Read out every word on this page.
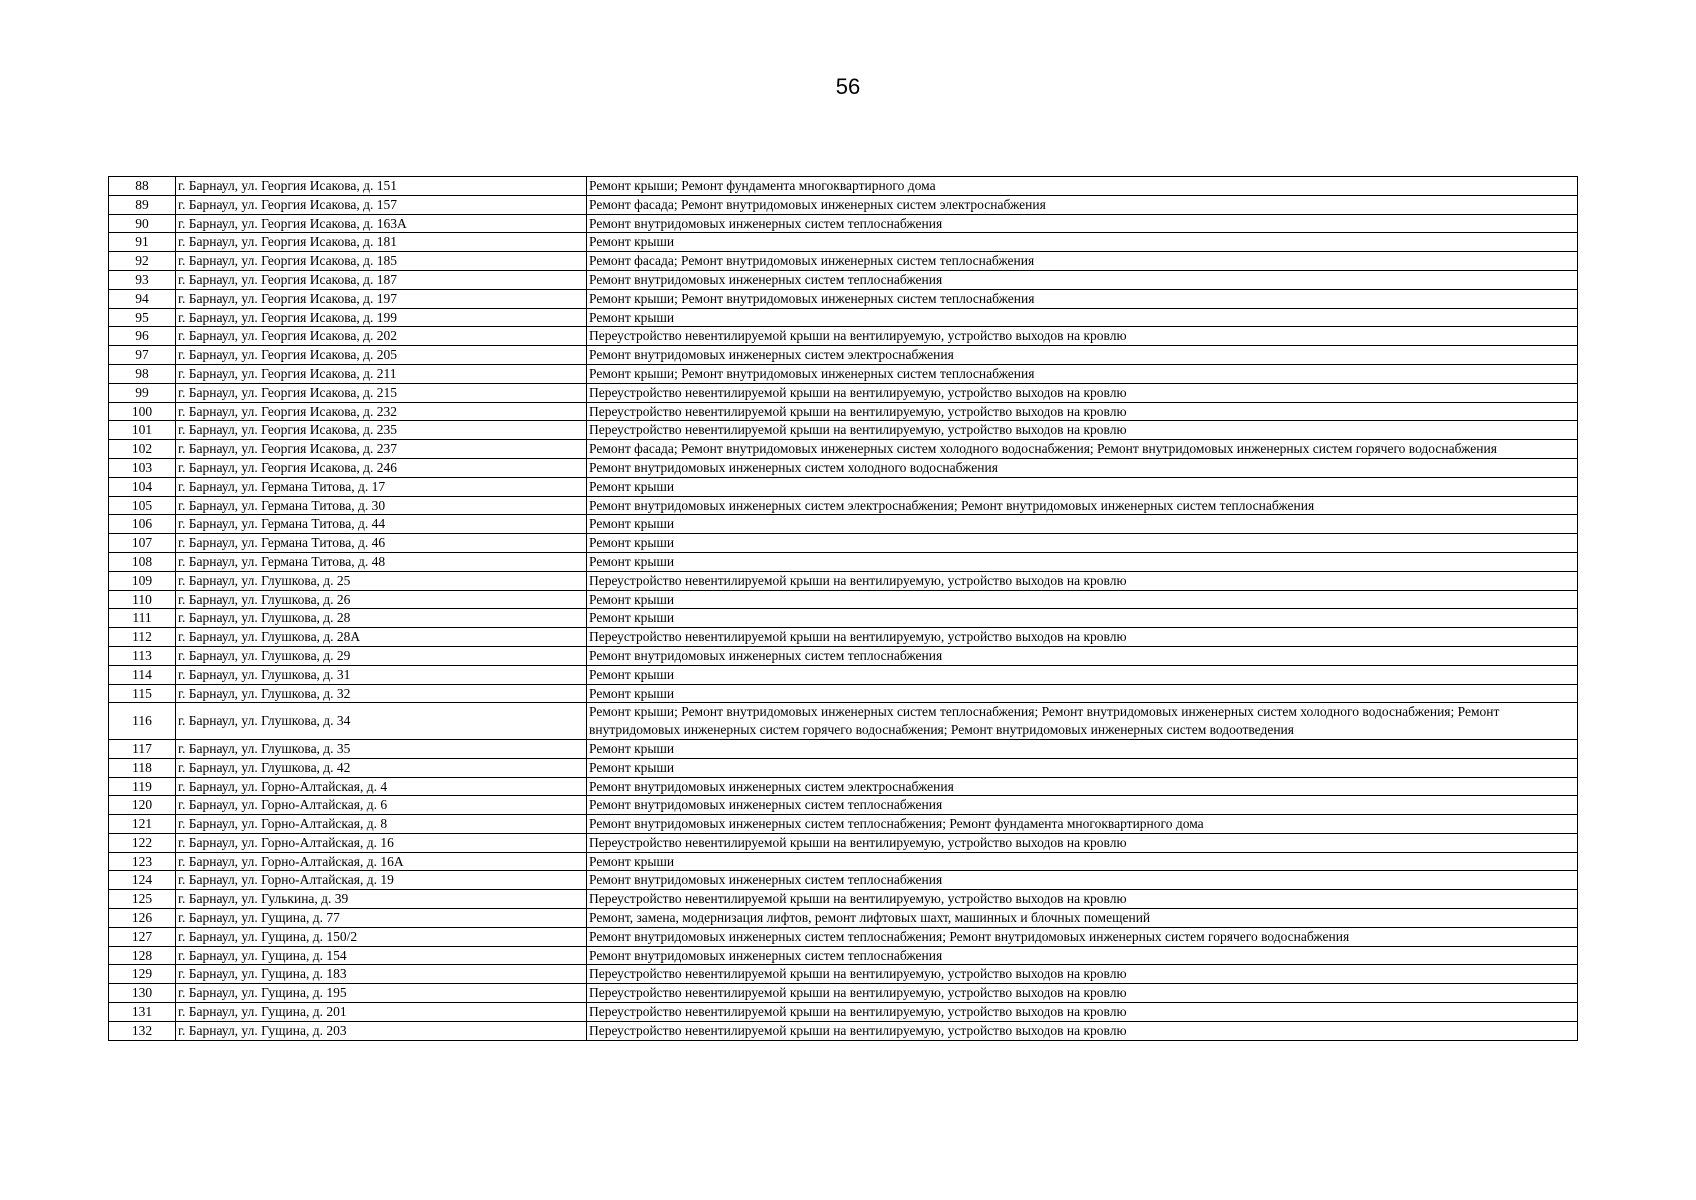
56
88	г. Барнаул, ул. Георгия Исакова, д. 151	Ремонт крыши; Ремонт фундамента многоквартирного дома
89	г. Барнаул, ул. Георгия Исакова, д. 157	Ремонт фасада; Ремонт внутридомовых инженерных систем электроснабжения
90	г. Барнаул, ул. Георгия Исакова, д. 163А	Ремонт внутридомовых инженерных систем теплоснабжения
91	г. Барнаул, ул. Георгия Исакова, д. 181	Ремонт крыши
92	г. Барнаул, ул. Георгия Исакова, д. 185	Ремонт фасада; Ремонт внутридомовых инженерных систем теплоснабжения
93	г. Барнаул, ул. Георгия Исакова, д. 187	Ремонт внутридомовых инженерных систем теплоснабжения
94	г. Барнаул, ул. Георгия Исакова, д. 197	Ремонт крыши; Ремонт внутридомовых инженерных систем теплоснабжения
95	г. Барнаул, ул. Георгия Исакова, д. 199	Ремонт крыши
96	г. Барнаул, ул. Георгия Исакова, д. 202	Переустройство невентилируемой крыши на вентилируемую, устройство выходов на кровлю
97	г. Барнаул, ул. Георгия Исакова, д. 205	Ремонт внутридомовых инженерных систем электроснабжения
98	г. Барнаул, ул. Георгия Исакова, д. 211	Ремонт крыши; Ремонт внутридомовых инженерных систем теплоснабжения
99	г. Барнаул, ул. Георгия Исакова, д. 215	Переустройство невентилируемой крыши на вентилируемую, устройство выходов на кровлю
100	г. Барнаул, ул. Георгия Исакова, д. 232	Переустройство невентилируемой крыши на вентилируемую, устройство выходов на кровлю
101	г. Барнаул, ул. Георгия Исакова, д. 235	Переустройство невентилируемой крыши на вентилируемую, устройство выходов на кровлю
102	г. Барнаул, ул. Георгия Исакова, д. 237	Ремонт фасада; Ремонт внутридомовых инженерных систем холодного водоснабжения; Ремонт внутридомовых инженерных систем горячего водоснабжения
103	г. Барнаул, ул. Георгия Исакова, д. 246	Ремонт внутридомовых инженерных систем холодного водоснабжения
104	г. Барнаул, ул. Германа Титова, д. 17	Ремонт крыши
105	г. Барнаул, ул. Германа Титова, д. 30	Ремонт внутридомовых инженерных систем электроснабжения; Ремонт внутридомовых инженерных систем теплоснабжения
106	г. Барнаул, ул. Германа Титова, д. 44	Ремонт крыши
107	г. Барнаул, ул. Германа Титова, д. 46	Ремонт крыши
108	г. Барнаул, ул. Германа Титова, д. 48	Ремонт крыши
109	г. Барнаул, ул. Глушкова, д. 25	Переустройство невентилируемой крыши на вентилируемую, устройство выходов на кровлю
110	г. Барнаул, ул. Глушкова, д. 26	Ремонт крыши
111	г. Барнаул, ул. Глушкова, д. 28	Ремонт крыши
112	г. Барнаул, ул. Глушкова, д. 28А	Переустройство невентилируемой крыши на вентилируемую, устройство выходов на кровлю
113	г. Барнаул, ул. Глушкова, д. 29	Ремонт внутридомовых инженерных систем теплоснабжения
114	г. Барнаул, ул. Глушкова, д. 31	Ремонт крыши
115	г. Барнаул, ул. Глушкова, д. 32	Ремонт крыши
116	г. Барнаул, ул. Глушкова, д. 34	Ремонт крыши; Ремонт внутридомовых инженерных систем теплоснабжения; Ремонт внутридомовых инженерных систем холодного водоснабжения; Ремонт внутридомовых инженерных систем горячего водоснабжения; Ремонт внутридомовых инженерных систем водоотведения
117	г. Барнаул, ул. Глушкова, д. 35	Ремонт крыши
118	г. Барнаул, ул. Глушкова, д. 42	Ремонт крыши
119	г. Барнаул, ул. Горно-Алтайская, д. 4	Ремонт внутридомовых инженерных систем электроснабжения
120	г. Барнаул, ул. Горно-Алтайская, д. 6	Ремонт внутридомовых инженерных систем теплоснабжения
121	г. Барнаул, ул. Горно-Алтайская, д. 8	Ремонт внутридомовых инженерных систем теплоснабжения; Ремонт фундамента многоквартирного дома
122	г. Барнаул, ул. Горно-Алтайская, д. 16	Переустройство невентилируемой крыши на вентилируемую, устройство выходов на кровлю
123	г. Барнаул, ул. Горно-Алтайская, д. 16А	Ремонт крыши
124	г. Барнаул, ул. Горно-Алтайская, д. 19	Ремонт внутридомовых инженерных систем теплоснабжения
125	г. Барнаул, ул. Гулькина, д. 39	Переустройство невентилируемой крыши на вентилируемую, устройство выходов на кровлю
126	г. Барнаул, ул. Гущина, д. 77	Ремонт, замена, модернизация лифтов, ремонт лифтовых шахт, машинных и блочных помещений
127	г. Барнаул, ул. Гущина, д. 150/2	Ремонт внутридомовых инженерных систем теплоснабжения; Ремонт внутридомовых инженерных систем горячего водоснабжения
128	г. Барнаул, ул. Гущина, д. 154	Ремонт внутридомовых инженерных систем теплоснабжения
129	г. Барнаул, ул. Гущина, д. 183	Переустройство невентилируемой крыши на вентилируемую, устройство выходов на кровлю
130	г. Барнаул, ул. Гущина, д. 195	Переустройство невентилируемой крыши на вентилируемую, устройство выходов на кровлю
131	г. Барнаул, ул. Гущина, д. 201	Переустройство невентилируемой крыши на вентилируемую, устройство выходов на кровлю
132	г. Барнаул, ул. Гущина, д. 203	Переустройство невентилируемой крыши на вентилируемую, устройство выходов на кровлю
